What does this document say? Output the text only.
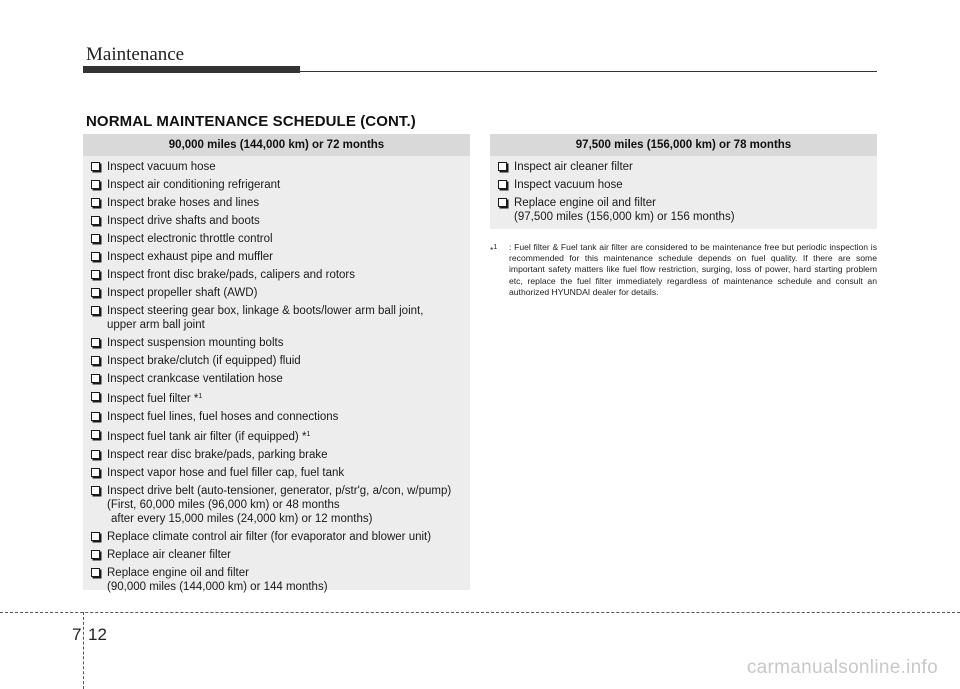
Maintenance
NORMAL MAINTENANCE SCHEDULE (CONT.)
90,000 miles (144,000 km) or 72 months
Inspect vacuum hose
Inspect air conditioning refrigerant
Inspect brake hoses and lines
Inspect drive shafts and boots
Inspect electronic throttle control
Inspect exhaust pipe and muffler
Inspect front disc brake/pads, calipers and rotors
Inspect propeller shaft (AWD)
Inspect steering gear box, linkage & boots/lower arm ball joint,
upper arm ball joint
Inspect suspension mounting bolts
Inspect brake/clutch (if equipped) fluid
Inspect crankcase ventilation hose
Inspect fuel filter *$^1$
Inspect fuel lines, fuel hoses and connections
Inspect fuel tank air filter (if equipped) *$^1$
Inspect rear disc brake/pads, parking brake
Inspect vapor hose and fuel filler cap, fuel tank
Inspect drive belt (auto-tensioner, generator, p/str'g, a/con, w/pump)
(First, 60,000 miles (96,000 km) or 48 months
after every 15,000 miles (24,000 km) or 12 months)
Replace climate control air filter (for evaporator and blower unit)
Replace air cleaner filter
Replace engine oil and filter
(90,000 miles (144,000 km) or 144 months)
97,500 miles (156,000 km) or 78 months
Inspect air cleaner filter
Inspect vacuum hose
Replace engine oil and filter
(97,500 miles (156,000 km) or 156 months)
*$^1$	: Fuel filter & Fuel tank air filter are considered to be maintenance free but periodic inspection is recommended for this maintenance schedule depends on fuel quality. If there are some important safety matters like fuel flow restriction, surging, loss of power, hard starting problem etc, replace the fuel filter immediately regardless of maintenance schedule and consult an authorized HYUNDAI dealer for details.
7 12
carmanualsonline.info
